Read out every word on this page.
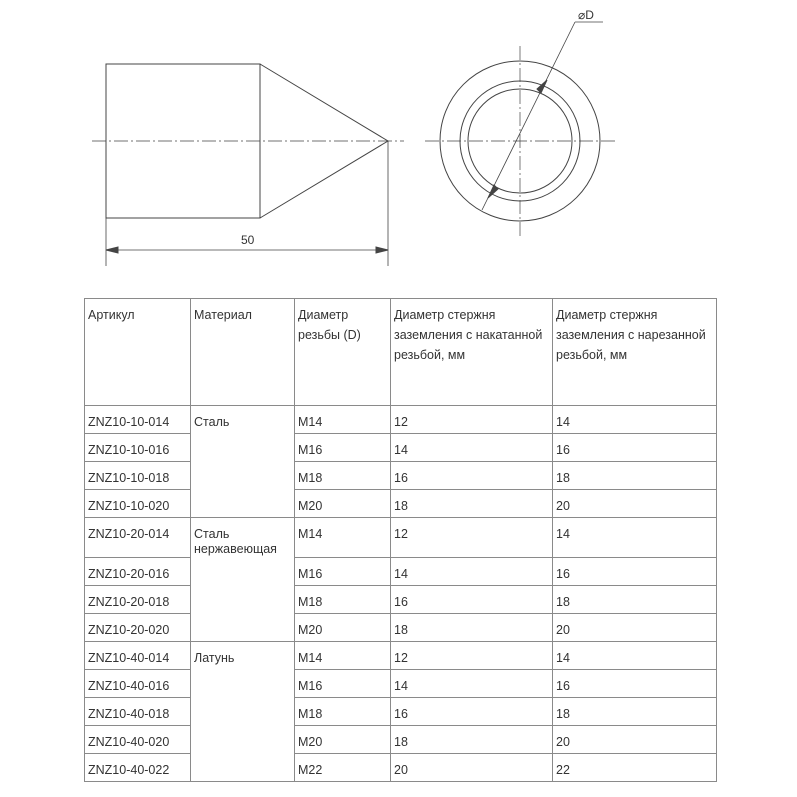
50
⌀D
Артикул	Материал	Диаметр резьбы (D)	Диаметр стержня заземления с накатанной резьбой, мм	Диаметр стержня заземления с нарезанной резьбой, мм
ZNZ10-10-014	Сталь	M14	12	14
ZNZ10-10-016		M16	14	16
ZNZ10-10-018		M18	16	18
ZNZ10-10-020		M20	18	20
ZNZ10-20-014	Сталь нержавеющая	M14	12	14
ZNZ10-20-016		M16	14	16
ZNZ10-20-018		M18	16	18
ZNZ10-20-020		M20	18	20
ZNZ10-40-014	Латунь	M14	12	14
ZNZ10-40-016		M16	14	16
ZNZ10-40-018		M18	16	18
ZNZ10-40-020		M20	18	20
ZNZ10-40-022		M22	20	22
